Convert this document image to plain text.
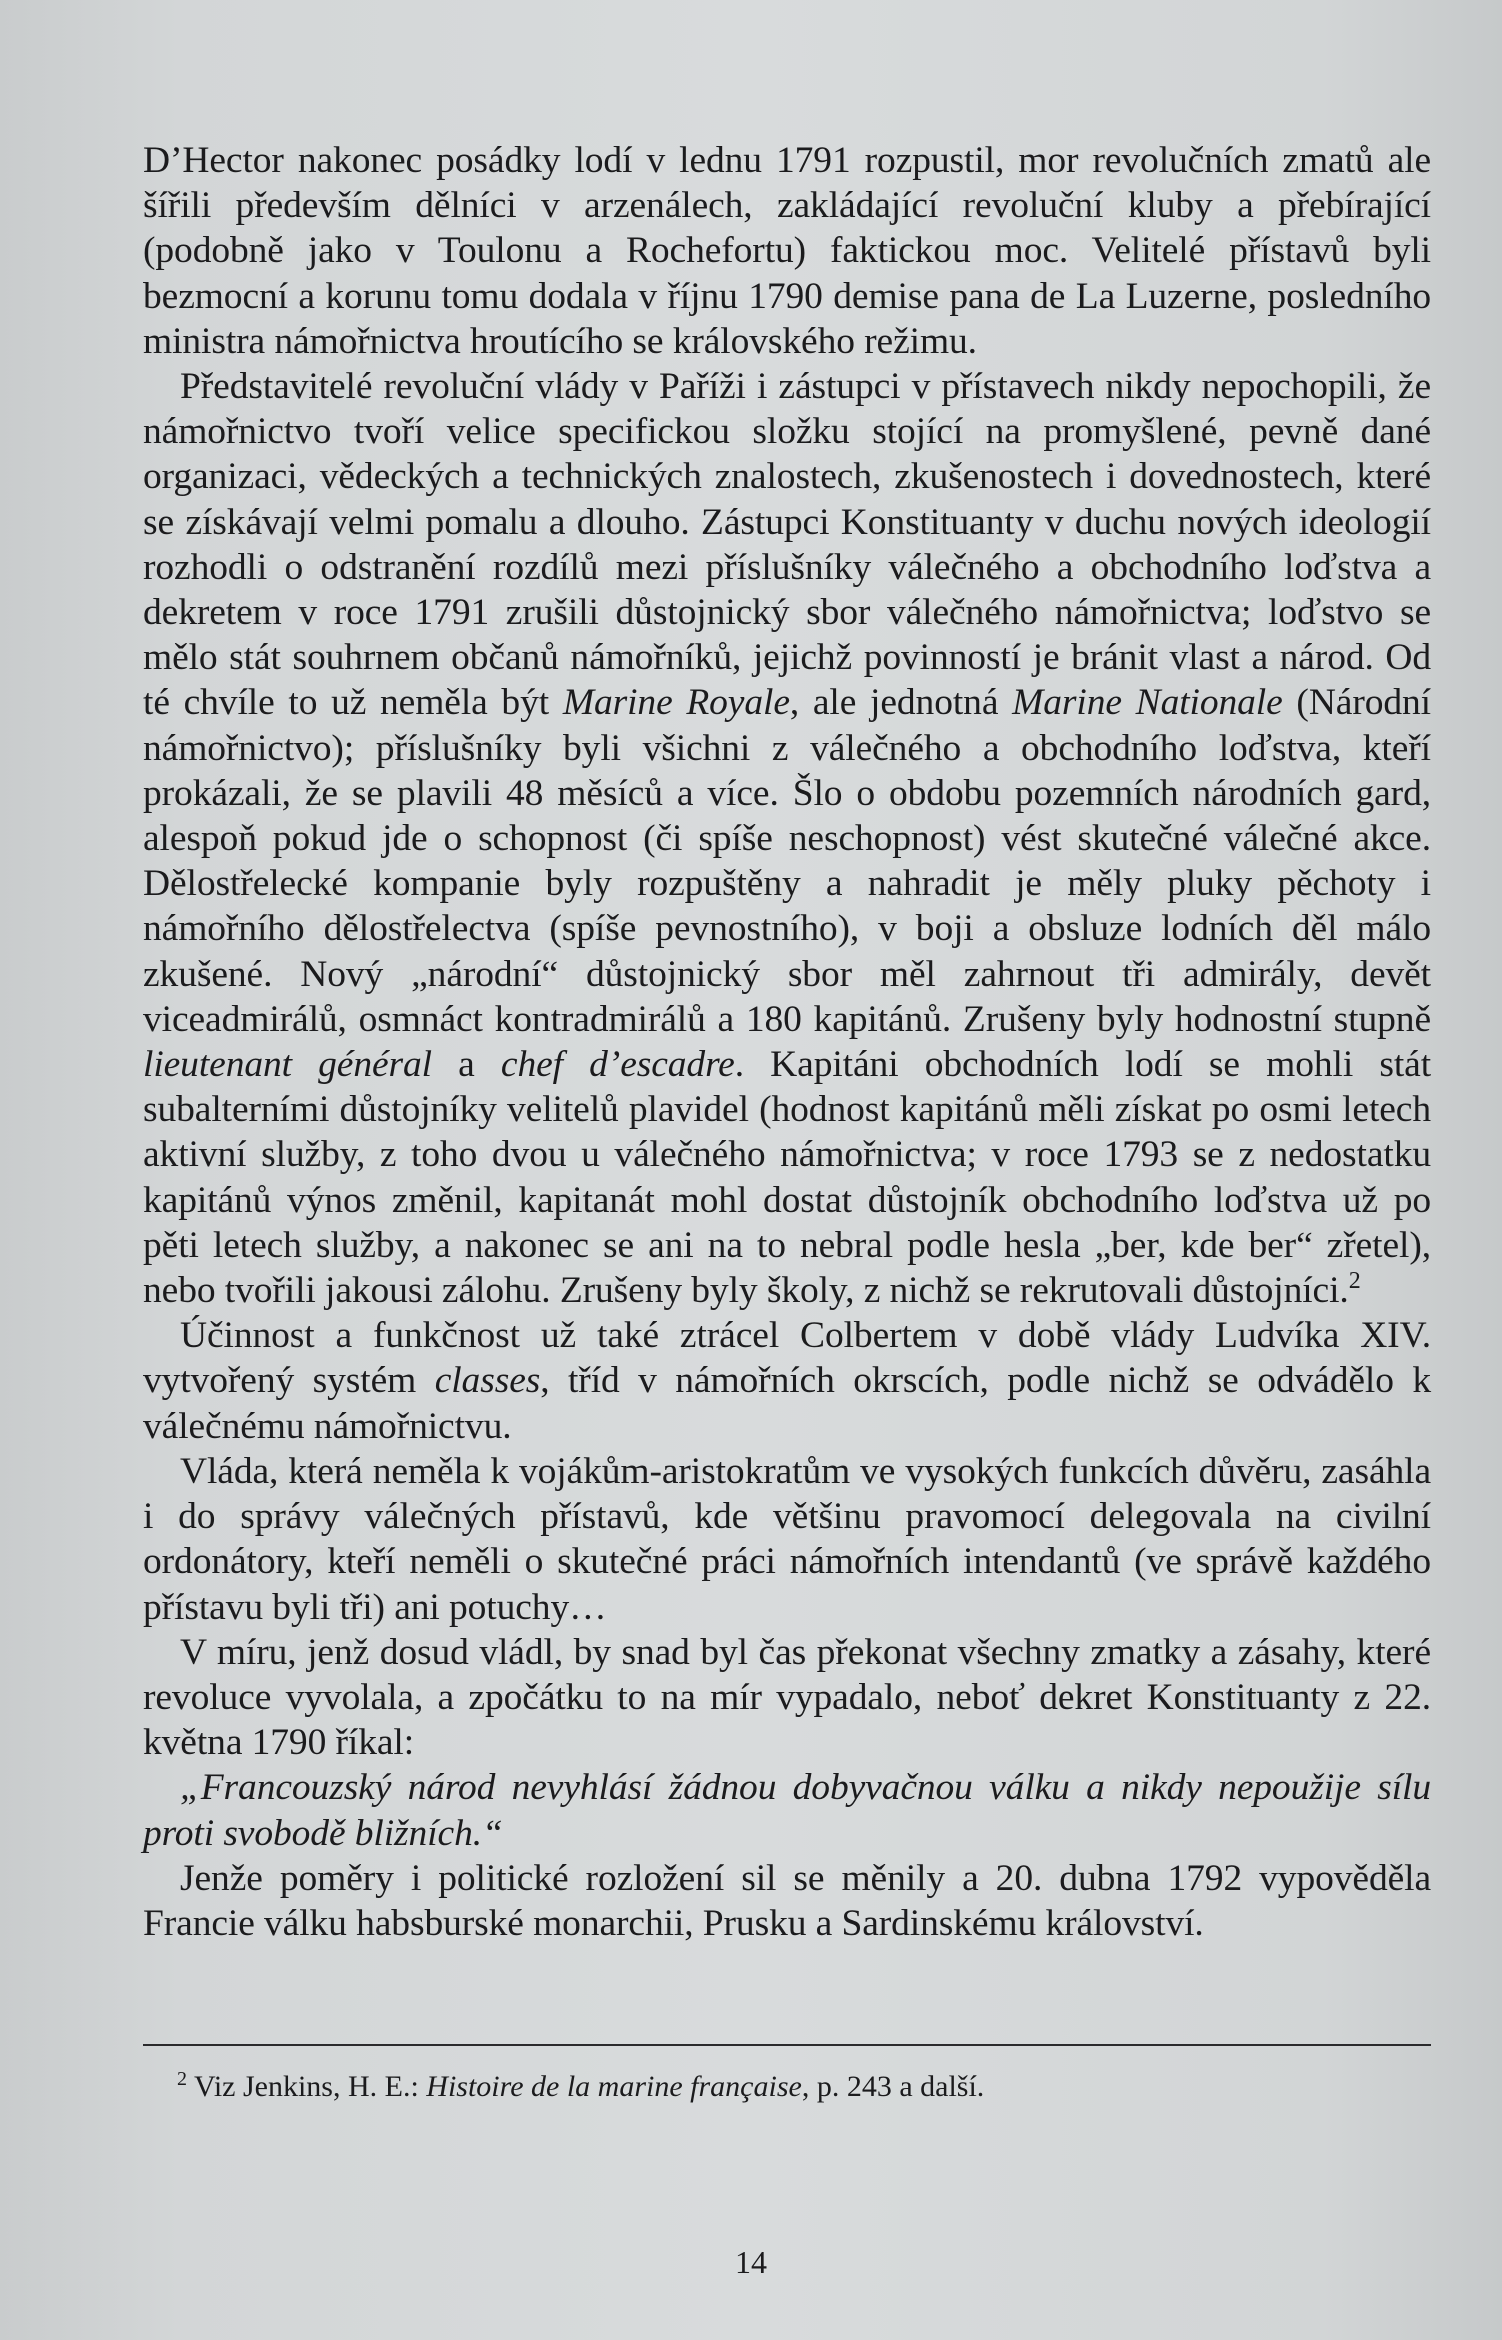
D’Hector nakonec posádky lodí v lednu 1791 rozpustil, mor revolučních zmatů ale šířili především dělníci v arzenálech, zakládající revoluční kluby a přebírající (podobně jako v Toulonu a Rochefortu) faktickou moc. Velitelé přístavů byli bezmocní a korunu tomu dodala v říjnu 1790 demise pana de La Luzerne, posledního ministra námořnictva hroutícího se královského režimu.

Představitelé revoluční vlády v Paříži i zástupci v přístavech nikdy nepochopili, že námořnictvo tvoří velice specifickou složku stojící na promyšlené, pevně dané organizaci, vědeckých a technických znalostech, zkušenostech i dovednostech, které se získávají velmi pomalu a dlouho. Zástupci Konstituanty v duchu nových ideologií rozhodli o odstranění rozdílů mezi příslušníky válečného a obchodního loďstva a dekretem v roce 1791 zrušili důstojnický sbor válečného námořnictva; loďstvo se mělo stát souhrnem občanů námořníků, jejichž povinností je bránit vlast a národ. Od té chvíle to už neměla být Marine Royale, ale jednotná Marine Nationale (Národní námořnictvo); příslušníky byli všichni z válečného a obchodního loďstva, kteří prokázali, že se plavili 48 měsíců a více. Šlo o obdobu pozemních národních gard, alespoň pokud jde o schopnost (či spíše neschopnost) vést skutečné válečné akce. Dělostřelecké kompanie byly rozpuštěny a nahradit je měly pluky pěchoty i námořního dělostřelectva (spíše pevnostního), v boji a obsluze lodních děl málo zkušené. Nový „národní“ důstojnický sbor měl zahrnout tři admirály, devět viceadmirálů, osmnáct kontradmirálů a 180 kapitánů. Zrušeny byly hodnostní stupně lieutenant général a chef d’escadre. Kapitáni obchodních lodí se mohli stát subalterními důstojníky velitelů plavidel (hodnost kapitánů měli získat po osmi letech aktivní služby, z toho dvou u válečného námořnictva; v roce 1793 se z nedostatku kapitánů výnos změnil, kapitanát mohl dostat důstojník obchodního loďstva už po pěti letech služby, a nakonec se ani na to nebral podle hesla „ber, kde ber“ zřetel), nebo tvořili jakousi zálohu. Zrušeny byly školy, z nichž se rekrutovali důstojníci.$^2$

Účinnost a funkčnost už také ztrácel Colbertem v době vlády Ludvíka XIV. vytvořený systém classes, tříd v námořních okrscích, podle nichž se odvádělo k válečnému námořnictvu.

Vláda, která neměla k vojákům-aristokratům ve vysokých funkcích důvěru, zasáhla i do správy válečných přístavů, kde většinu pravomocí delegovala na civilní ordonátory, kteří neměli o skutečné práci námořních intendantů (ve správě každého přístavu byli tři) ani potuchy…

V míru, jenž dosud vládl, by snad byl čas překonat všechny zmatky a zásahy, které revoluce vyvolala, a zpočátku to na mír vypadalo, neboť dekret Konstituanty z 22. května 1790 říkal:

„Francouzský národ nevyhlásí žádnou dobyvačnou válku a nikdy nepoužije sílu proti svobodě bližních.“

Jenže poměry i politické rozložení sil se měnily a 20. dubna 1792 vypověděla Francie válku habsburské monarchii, Prusku a Sardinskému království.

$^2$ Viz Jenkins, H. E.: Histoire de la marine française, p. 243 a další.

14
